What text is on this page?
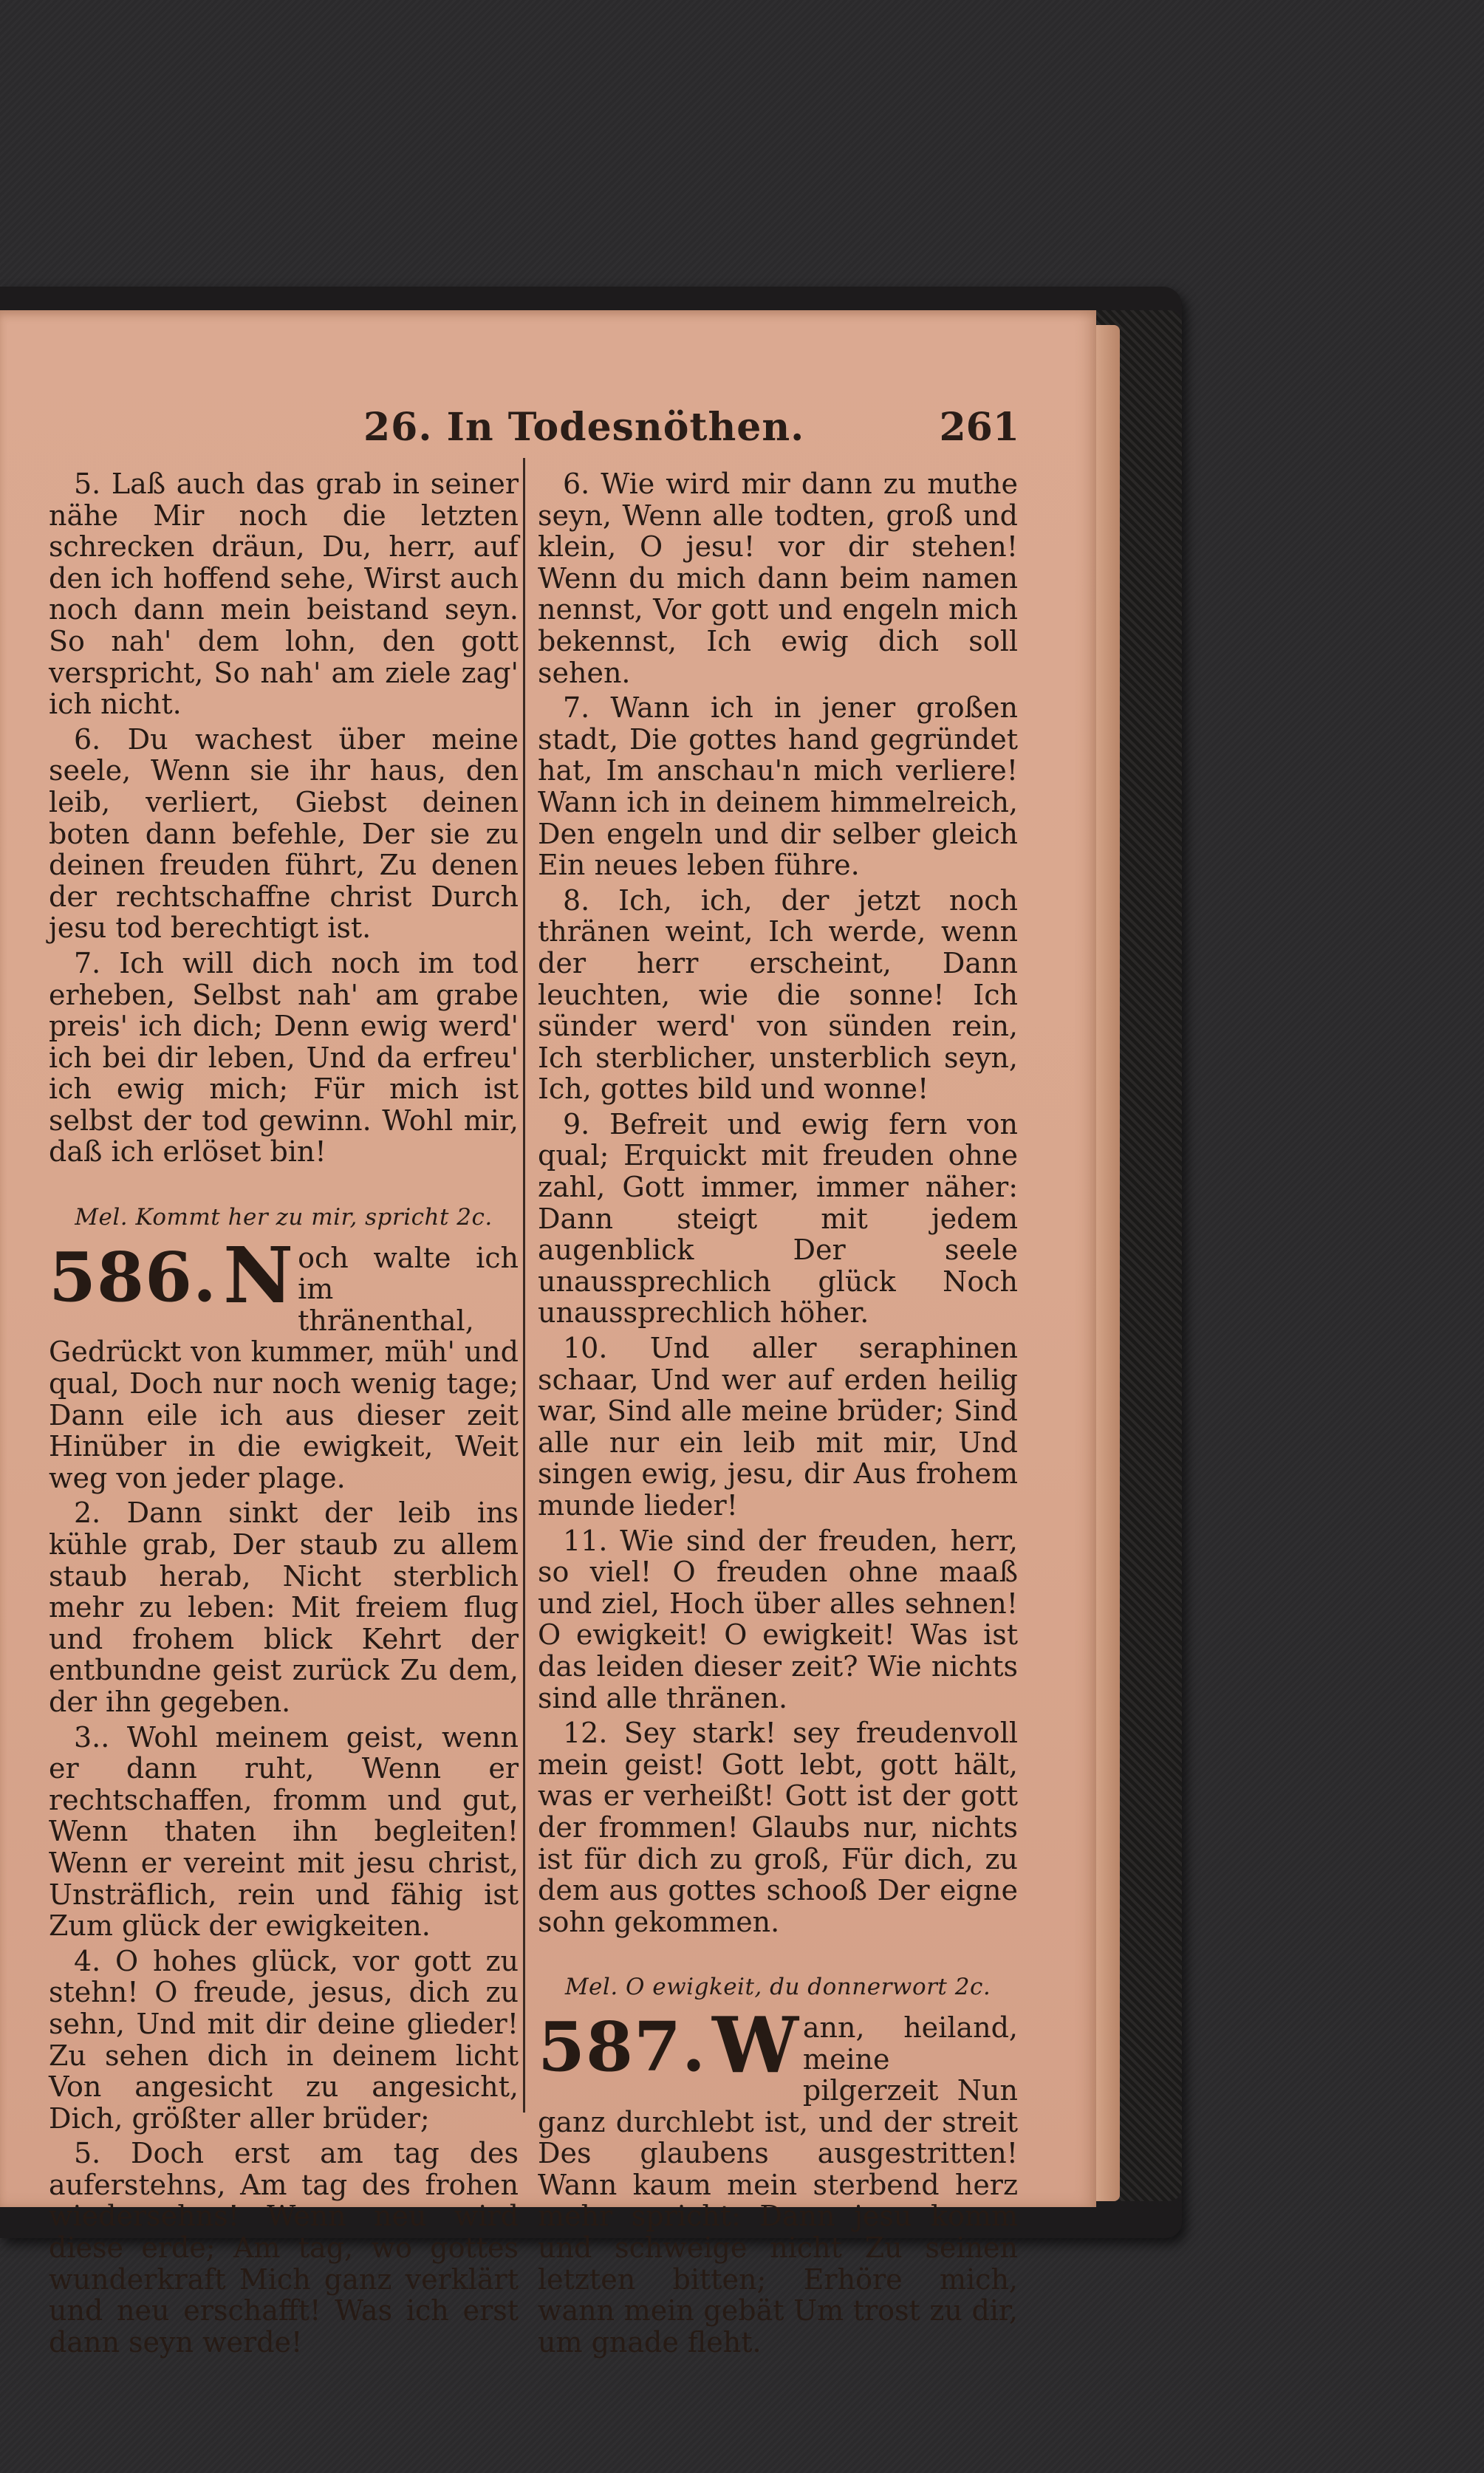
26. In Todesnöthen.	261

5. Laß auch das grab in seiner nähe Mir noch die letzten schrecken dräun, Du, herr, auf den ich hoffend sehe, Wirst auch noch dann mein beistand seyn. So nah' dem lohn, den gott verspricht, So nah' am ziele zag' ich nicht.

6. Du wachest über meine seele, Wenn sie ihr haus, den leib, verliert, Giebst deinen boten dann befehle, Der sie zu deinen freuden führt, Zu denen der rechtschaffne christ Durch jesu tod berechtigt ist.

7. Ich will dich noch im tod erheben, Selbst nah' am grabe preis' ich dich; Denn ewig werd' ich bei dir leben, Und da erfreu' ich ewig mich; Für mich ist selbst der tod gewinn. Wohl mir, daß ich erlöset bin!

Mel. Kommt her zu mir, spricht 2c.
586. N och walte ich im thränenthal, Gedrückt von kummer, müh' und qual, Doch nur noch wenig tage; Dann eile ich aus dieser zeit Hinüber in die ewigkeit, Weit weg von jeder plage.

2. Dann sinkt der leib ins kühle grab, Der staub zu allem staub herab, Nicht sterblich mehr zu leben: Mit freiem flug und frohem blick Kehrt der entbundne geist zurück Zu dem, der ihn gegeben.

3.. Wohl meinem geist, wenn er dann ruht, Wenn er rechtschaffen, fromm und gut, Wenn thaten ihn begleiten! Wenn er vereint mit jesu christ, Unsträflich, rein und fähig ist Zum glück der ewigkeiten.

4. O hohes glück, vor gott zu stehn! O freude, jesus, dich zu sehn, Und mit dir deine glieder! Zu sehen dich in deinem licht Von angesicht zu angesicht, Dich, größter aller brüder;

5. Doch erst am tag des auferstehns, Am tag des frohen wiedersehns! Wenn neu wird diese erde; Am tag, wo gottes wunderkraft Mich ganz verklärt und neu erschafft! Was ich erst dann seyn werde!

6. Wie wird mir dann zu muthe seyn, Wenn alle todten, groß und klein, O jesu! vor dir stehen! Wenn du mich dann beim namen nennst, Vor gott und engeln mich bekennst, Ich ewig dich soll sehen.

7. Wann ich in jener großen stadt, Die gottes hand gegründet hat, Im anschau'n mich verliere! Wann ich in deinem himmelreich, Den engeln und dir selber gleich Ein neues leben führe.

8. Ich, ich, der jetzt noch thränen weint, Ich werde, wenn der herr erscheint, Dann leuchten, wie die sonne! Ich sünder werd' von sünden rein, Ich sterblicher, unsterblich seyn, Ich, gottes bild und wonne!

9. Befreit und ewig fern von qual; Erquickt mit freuden ohne zahl, Gott immer, immer näher: Dann steigt mit jedem augenblick Der seele unaussprechlich glück Noch unaussprechlich höher.

10. Und aller seraphinen schaar, Und wer auf erden heilig war, Sind alle meine brüder; Sind alle nur ein leib mit mir, Und singen ewig, jesu, dir Aus frohem munde lieder!

11. Wie sind der freuden, herr, so viel! O freuden ohne maaß und ziel, Hoch über alles sehnen! O ewigkeit! O ewigkeit! Was ist das leiden dieser zeit? Wie nichts sind alle thränen.

12. Sey stark! sey freudenvoll mein geist! Gott lebt, gott hält, was er verheißt! Gott ist der gott der frommen! Glaubs nur, nichts ist für dich zu groß, Für dich, zu dem aus gottes schooß Der eigne sohn gekommen.

Mel. O ewigkeit, du donnerwort 2c.
587. W ann, heiland, meine pilgerzeit Nun ganz durchlebt ist, und der streit Des glaubens ausgestritten! Wann kaum mein sterbend herz mehr spricht: Dann jesu komm und schweige nicht Zu seinen letzten bitten; Erhöre mich, wann mein gebät Um trost zu dir, um gnade fleht.
